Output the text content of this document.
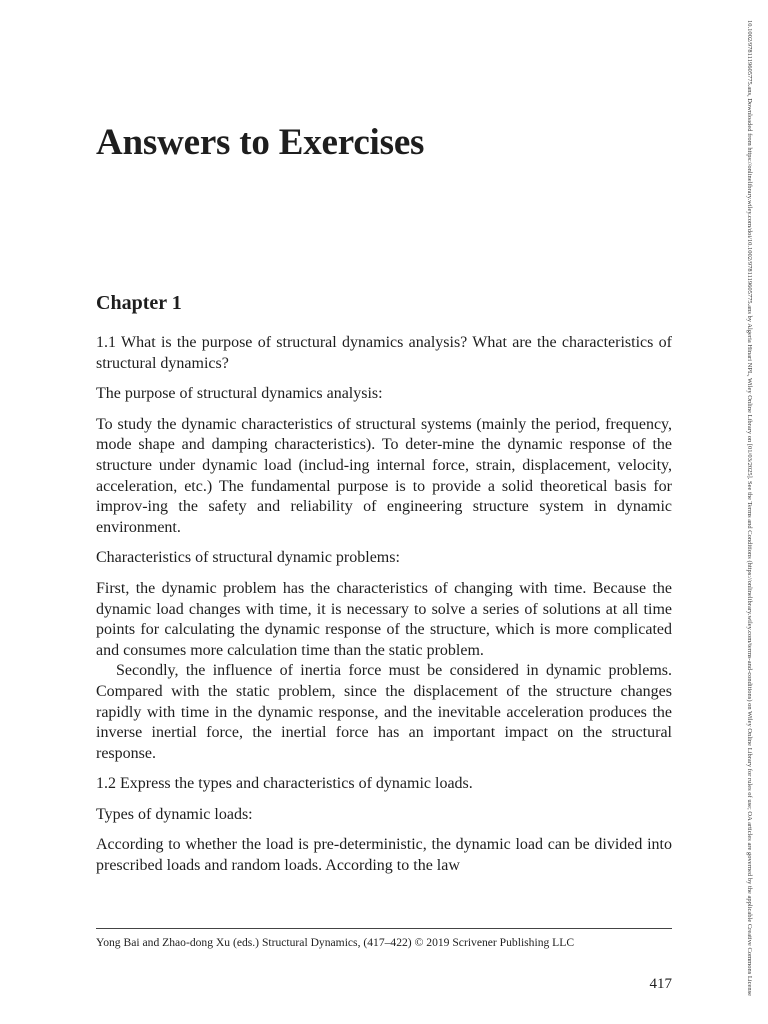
Answers to Exercises
Chapter 1

1.1 What is the purpose of structural dynamics analysis? What are the characteristics of structural dynamics?

The purpose of structural dynamics analysis:

To study the dynamic characteristics of structural systems (mainly the period, frequency, mode shape and damping characteristics). To deter-mine the dynamic response of the structure under dynamic load (includ-ing internal force, strain, displacement, velocity, acceleration, etc.) The fundamental purpose is to provide a solid theoretical basis for improv-ing the safety and reliability of engineering structure system in dynamic environment.

Characteristics of structural dynamic problems:

First, the dynamic problem has the characteristics of changing with time. Because the dynamic load changes with time, it is necessary to solve a series of solutions at all time points for calculating the dynamic response of the structure, which is more complicated and consumes more calculation time than the static problem.

Secondly, the influence of inertia force must be considered in dynamic problems. Compared with the static problem, since the displacement of the structure changes rapidly with time in the dynamic response, and the inevitable acceleration produces the inverse inertial force, the inertial force has an important impact on the structural response.

1.2 Express the types and characteristics of dynamic loads.

Types of dynamic loads:

According to whether the load is pre-deterministic, the dynamic load can be divided into prescribed loads and random loads. According to the law

Yong Bai and Zhao-dong Xu (eds.) Structural Dynamics, (417–422) © 2019 Scrivener Publishing LLC
417	10.1002/9781119605775.ans, Downloaded from https://onlinelibrary.wiley.com/doi/10.1002/9781119605775.ans by Algeria Hinari NPL, Wiley Online Library on [01/03/2025]. See the Terms and Conditions (https://onlinelibrary.wiley.com/terms-and-conditions) on Wiley Online Library for rules of use; OA articles are governed by the applicable Creative Commons License
